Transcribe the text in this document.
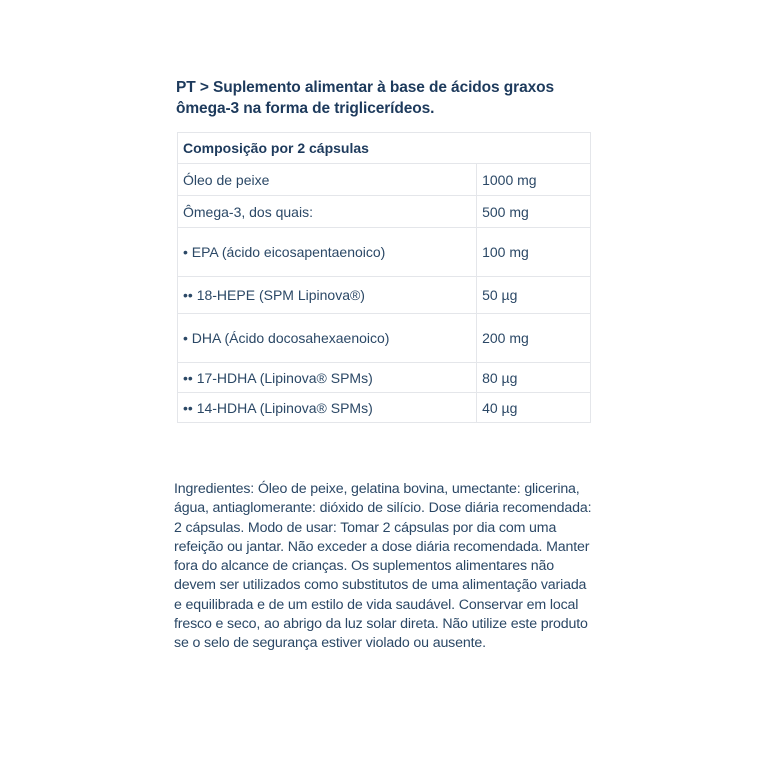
PT > Suplemento alimentar à base de ácidos graxos ômega-3 na forma de triglicerídeos.
Composição por 2 cápsulas	
Óleo de peixe	1000 mg
Ômega-3, dos quais:	500 mg
• EPA (ácido eicosapentaenoico)	100 mg
•• 18-HEPE (SPM Lipinova®)	50 µg
• DHA (Ácido docosahexaenoico)	200 mg
•• 17-HDHA (Lipinova® SPMs)	80 µg
•• 14-HDHA (Lipinova® SPMs)	40 µg
Ingredientes: Óleo de peixe, gelatina bovina, umectante: glicerina, água, antiaglomerante: dióxido de silício. Dose diária recomendada: 2 cápsulas. Modo de usar: Tomar 2 cápsulas por dia com uma refeição ou jantar. Não exceder a dose diária recomendada. Manter fora do alcance de crianças. Os suplementos alimentares não devem ser utilizados como substitutos de uma alimentação variada e equilibrada e de um estilo de vida saudável. Conservar em local fresco e seco, ao abrigo da luz solar direta. Não utilize este produto se o selo de segurança estiver violado ou ausente.
